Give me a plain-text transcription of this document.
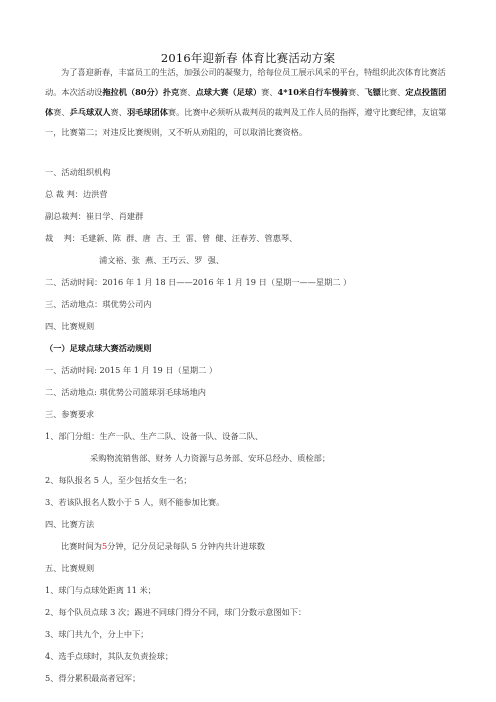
2016年迎新春 体育比赛活动方案
为了喜迎新春，丰富员工的生活，加强公司的凝聚力，给每位员工展示风采的平台，特组织此次体育比赛活动。本次活动设拖拉机（80分）扑克赛、点球大赛（足球）赛、4*10米自行车慢骑赛、飞镖比赛、定点投篮团体赛、乒乓球双人赛、羽毛球团体赛。比赛中必须听从裁判员的裁判及工作人员的指挥，遵守比赛纪律，友谊第一，比赛第二；对违反比赛规则，又不听从劝阻的，可以取消比赛资格。
一、活动组织机构
总 裁 判：边洪营
副总裁判：崔日学、肖建群
裁    判：毛建新、陈  群、唐  吉、王  雷、曾  健、汪春芳、管惠琴、
浦文裕、张  燕、王巧云、罗  强、
二、活动时间：2016 年 1 月 18 日——2016 年 1 月 19 日（星期一——星期二 ）
三、活动地点：琪优势公司内
四、比赛规则
（一）足球点球大赛活动规则
一、活动时间: 2015 年 1 月 19 日（星期二 ）
二、活动地点: 琪优势公司篮球羽毛球场地内
三、参赛要求
1、部门分组：生产一队、生产二队、设备一队、设备二队、
采购物流销售部、财务 人力资源与总务部、安环总经办、质检部；
2、每队报名 5 人，至少包括女生一名；
3、若该队报名人数小于 5 人，则不能参加比赛。
四、比赛方法
比赛时间为5分钟，记分员记录每队 5 分钟内共计进球数
五、比赛规则
1、球门与点球处距离 11 米；
2、每个队员点球 3 次；踢进不同球门得分不同，球门分数示意图如下：
3、球门共九个，分上中下；
4、选手点球时，其队友负责捡球；
5、得分累积最高者冠军；
